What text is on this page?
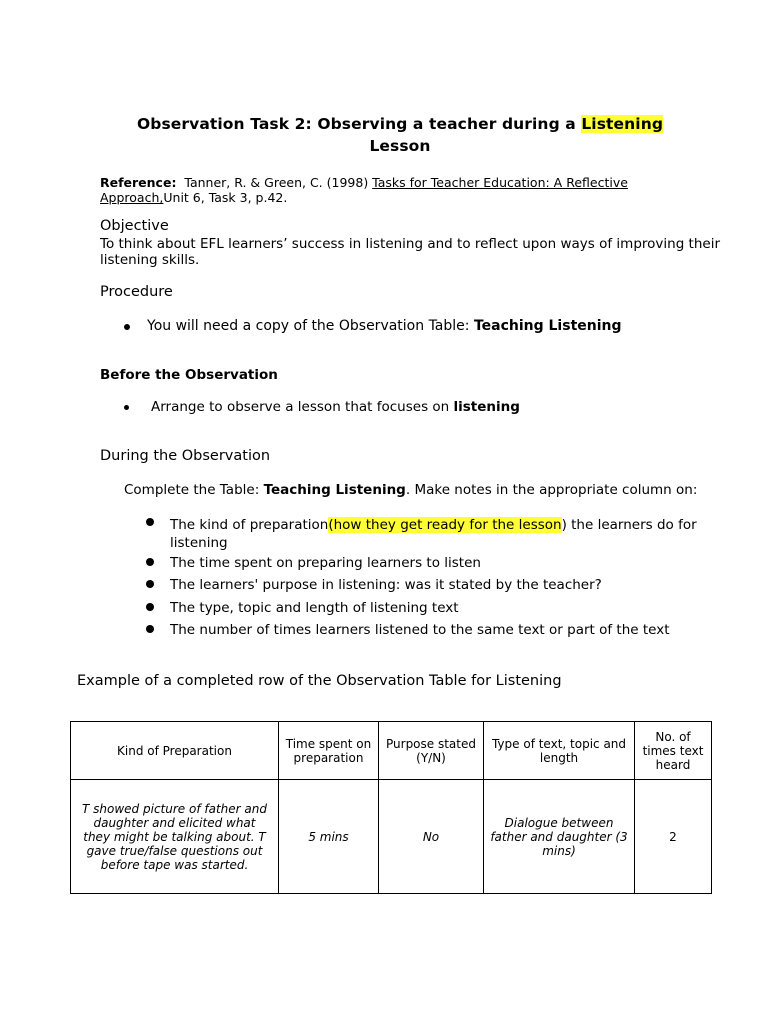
Observation Task 2: Observing a teacher during a Listening
Lesson
Reference:  Tanner, R. & Green, C. (1998) Tasks for Teacher Education: A Reflective Approach,Unit 6, Task 3, p.42.
Objective
To think about EFL learners’ success in listening and to reflect upon ways of improving their listening skills.
Procedure
You will need a copy of the Observation Table: Teaching Listening
Before the Observation
Arrange to observe a lesson that focuses on listening
During the Observation
Complete the Table: Teaching Listening. Make notes in the appropriate column on:
The kind of preparation(how they get ready for the lesson) the learners do for listening
The time spent on preparing learners to listen
The learners' purpose in listening: was it stated by the teacher?
The type, topic and length of listening text
The number of times learners listened to the same text or part of the text
Example of a completed row of the Observation Table for Listening
Kind of Preparation	Time spent on preparation	Purpose stated (Y/N)	Type of text, topic and length	No. of times text heard
T showed picture of father and daughter and elicited what they might be talking about. T gave true/false questions out before tape was started.	5 mins	No	Dialogue between father and daughter (3 mins)	2
